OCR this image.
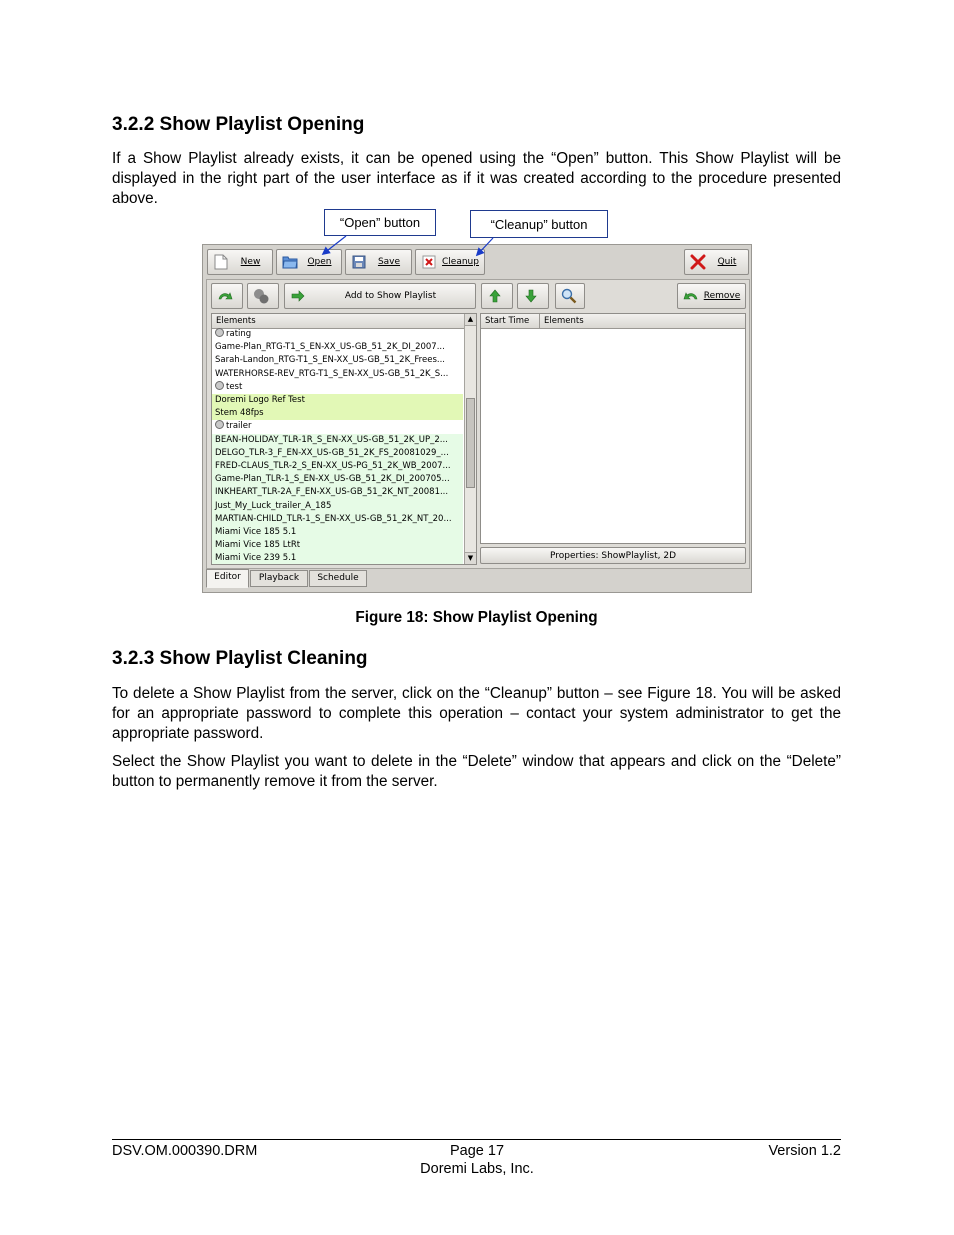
3.2.2 Show Playlist Opening

If a Show Playlist already exists, it can be opened using the “Open” button. This Show Playlist will be displayed in the right part of the user interface as if it was created according to the procedure presented above.

“Open” button	“Cleanup” button
New	Open	Save	Cleanup	Quit
Add to Show Playlist	Remove
Elements
rating
Game-Plan_RTG-T1_S_EN-XX_US-GB_51_2K_DI_2007...
Sarah-Landon_RTG-T1_S_EN-XX_US-GB_51_2K_Frees...
WATERHORSE-REV_RTG-T1_S_EN-XX_US-GB_51_2K_S...
test
Doremi Logo Ref Test
Stem 48fps
trailer
BEAN-HOLIDAY_TLR-1R_S_EN-XX_US-GB_51_2K_UP_2...
DELGO_TLR-3_F_EN-XX_US-GB_51_2K_FS_20081029_...
FRED-CLAUS_TLR-2_S_EN-XX_US-PG_51_2K_WB_2007...
Game-Plan_TLR-1_S_EN-XX_US-GB_51_2K_DI_200705...
INKHEART_TLR-2A_F_EN-XX_US-GB_51_2K_NT_20081...
Just_My_Luck_trailer_A_185
MARTIAN-CHILD_TLR-1_S_EN-XX_US-GB_51_2K_NT_20...
Miami Vice 185 5.1
Miami Vice 185 LtRt
Miami Vice 239 5.1
▲
▼
Start Time	Elements
Properties: ShowPlaylist, 2D
Editor	Playback	Schedule
Figure 18: Show Playlist Opening
3.2.3 Show Playlist Cleaning

To delete a Show Playlist from the server, click on the “Cleanup” button – see Figure 18. You will be asked for an appropriate password to complete this operation – contact your system administrator to get the appropriate password.

Select the Show Playlist you want to delete in the “Delete” window that appears and click on the “Delete” button to permanently remove it from the server.

DSV.OM.000390.DRM	Page 17
Doremi Labs, Inc.
Version 1.2
